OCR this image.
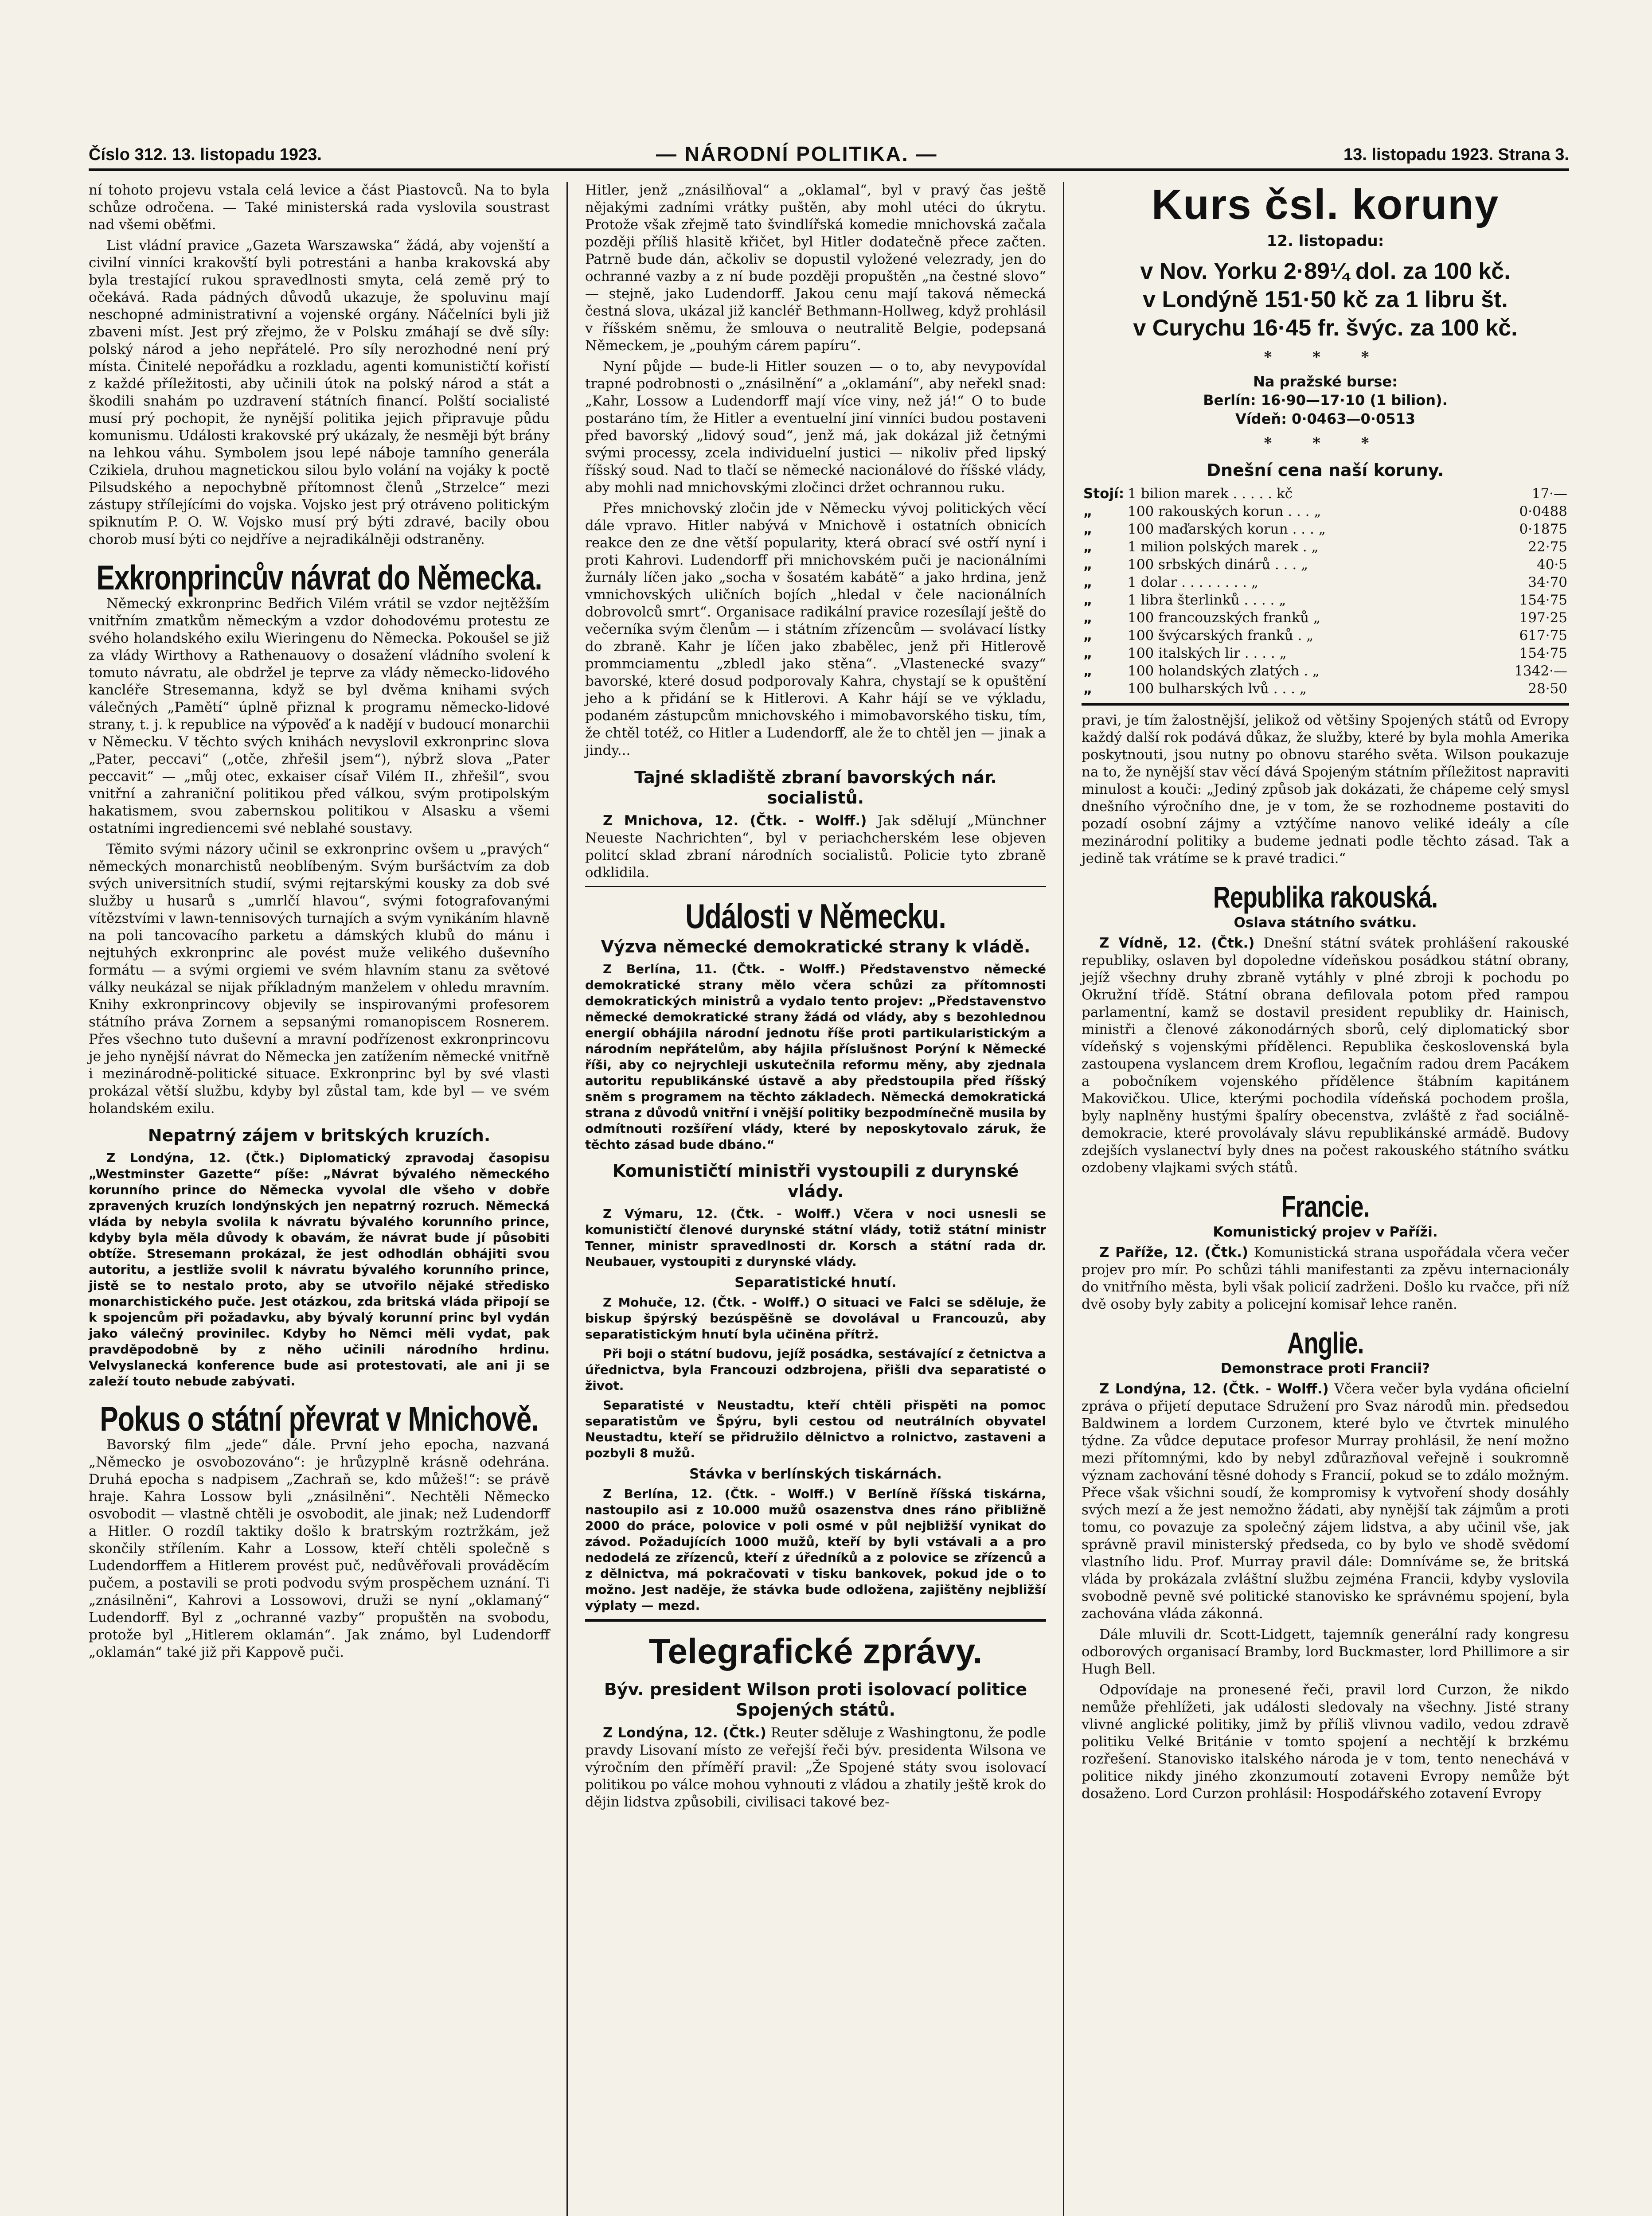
Číslo 312. 13. listopadu 1923.	— NÁRODNÍ POLITIKA. —	13. listopadu 1923. Strana 3.

ní tohoto projevu vstala celá levice a část Piastovců. Na to byla schůze odročena. — Také ministerská rada vyslovila soustrast nad všemi oběťmi.

List vládní pravice „Gazeta Warszawska“ žádá, aby vojenští a civilní vinníci krakovští byli potrestáni a hanba krakovská aby byla trestající rukou spravedlnosti smyta, celá země prý to očekává. Rada pádných důvodů ukazuje, že spoluvinu mají neschopné administrativní a vojenské orgány. Náčelníci byli již zbaveni míst. Jest prý zřejmo, že v Polsku zmáhají se dvě síly: polský národ a jeho nepřátelé. Pro síly nerozhodné není prý místa. Činitelé nepořádku a rozkladu, agenti komunističtí kořistí z každé příležitosti, aby učinili útok na polský národ a stát a škodili snahám po uzdravení státních financí. Polští socialisté musí prý pochopit, že nynější politika jejich připravuje půdu komunismu. Události krakovské prý ukázaly, že nesměji být brány na lehkou váhu. Symbolem jsou lepé náboje tamního generála Czikiela, druhou magnetickou silou bylo volání na vojáky k poctě Pilsudského a nepochybně přítomnost členů „Strzelce“ mezi zástupy střílejícími do vojska. Vojsko jest prý otráveno politickým spiknutím P. O. W. Vojsko musí prý býti zdravé, bacily obou chorob musí býti co nejdříve a nejradikálněji odstraněny.

Exkronprincův návrat do Německa.

Německý exkronprinc Bedřich Vilém vrátil se vzdor nejtěžším vnitřním zmatkům německým a vzdor dohodovému protestu ze svého holandského exilu Wieringenu do Německa. Pokoušel se již za vlády Wirthovy a Rathenauovy o dosažení vládního svolení k tomuto návratu, ale obdržel je teprve za vlády německo-lidového kancléře Stresemanna, když se byl dvěma knihami svých válečných „Pamětí“ úplně přiznal k programu německo-lidové strany, t. j. k republice na výpověď a k nadějí v budoucí monarchii v Německu. V těchto svých knihách nevyslovil exkronprinc slova „Pater, peccavi“ („otče, zhřešil jsem“), nýbrž slova „Pater peccavit“ — „můj otec, exkaiser císař Vilém II., zhřešil“, svou vnitřní a zahraniční politikou před válkou, svým protipolským hakatismem, svou zabernskou politikou v Alsasku a všemi ostatními ingrediencemi své neblahé soustavy.

Těmito svými názory učinil se exkronprinc ovšem u „pravých“ německých monarchistů neoblíbeným. Svým buršáctvím za dob svých universitních studií, svými rejtarskými kousky za dob své služby u husarů s „umrlčí hlavou“, svými fotografovanými vítězstvími v lawn-tennisových turnajích a svým vynikáním hlavně na poli tancovacího parketu a dámských klubů do mánu i nejtuhých exkronprinc ale povést muže velikého duševního formátu — a svými orgiemi ve svém hlavním stanu za světové války neukázal se nijak příkladným manželem v ohledu mravním. Knihy exkronprincovy objevily se inspirovanými profesorem státního práva Zornem a sepsanými romanopiscem Rosnerem. Přes všechno tuto duševní a mravní podřízenost exkronprincovu je jeho nynější návrat do Německa jen zatížením německé vnitřně i mezinárodně-politické situace. Exkronprinc byl by své vlasti prokázal větší službu, kdyby byl zůstal tam, kde byl — ve svém holandském exilu.

Nepatrný zájem v britských kruzích.

Z Londýna, 12. (Čtk.) Diplomatický zpravodaj časopisu „Westminster Gazette“ píše: „Návrat bývalého německého korunního prince do Německa vyvolal dle všeho v dobře zpravených kruzích londýnských jen nepatrný rozruch. Německá vláda by nebyla svolila k návratu bývalého korunního prince, kdyby byla měla důvody k obavám, že návrat bude jí působiti obtíže. Stresemann prokázal, že jest odhodlán obhájiti svou autoritu, a jestliže svolil k návratu bývalého korunního prince, jistě se to nestalo proto, aby se utvořilo nějaké středisko monarchistického puče. Jest otázkou, zda britská vláda připojí se k spojencům při požadavku, aby bývalý korunní princ byl vydán jako válečný provinilec. Kdyby ho Němci měli vydat, pak pravděpodobně by z něho učinili národního hrdinu. Velvyslanecká konference bude asi protestovati, ale ani ji se zaleží touto nebude zabývati.

Pokus o státní převrat v Mnichově.

Bavorský film „jede“ dále. První jeho epocha, nazvaná „Německo je osvobozováno“: je hrůzyplně krásně odehrána. Druhá epocha s nadpisem „Zachraň se, kdo můžeš!“: se právě hraje. Kahra Lossow byli „znásilněni“. Nechtěli Německo osvobodit — vlastně chtěli je osvobodit, ale jinak; než Ludendorff a Hitler. O rozdíl taktiky došlo k bratrským roztržkám, jež skončily střílením. Kahr a Lossow, kteří chtěli společně s Ludendorffem a Hitlerem provést puč, nedůvěřovali prováděcím pučem, a postavili se proti podvodu svým prospěchem uznání. Ti „znásilněni“, Kahrovi a Lossowovi, druži se nyní „oklamaný“ Ludendorff. Byl z „ochranné vazby“ propuštěn na svobodu, protože byl „Hitlerem oklamán“. Jak známo, byl Ludendorff „oklamán“ také již při Kappově puči.

Hitler, jenž „znásilňoval“ a „oklamal“, byl v pravý čas ještě nějakými zadními vrátky puštěn, aby mohl utéci do úkrytu. Protože však zřejmě tato švindlířská komedie mnichovská začala později příliš hlasitě křičet, byl Hitler dodatečně přece začten. Patrně bude dán, ačkoliv se dopustil vyložené velezrady, jen do ochranné vazby a z ní bude později propuštěn „na čestné slovo“ — stejně, jako Ludendorff. Jakou cenu mají taková německá čestná slova, ukázal již kancléř Bethmann-Hollweg, když prohlásil v říšském sněmu, že smlouva o neutralitě Belgie, podepsaná Německem, je „pouhým cárem papíru“.

Nyní půjde — bude-li Hitler souzen — o to, aby nevypovídal trapné podrobnosti o „znásilnění“ a „oklamání“, aby neřekl snad: „Kahr, Lossow a Ludendorff mají více viny, než já!“ O to bude postaráno tím, že Hitler a eventuelní jiní vinníci budou postaveni před bavorský „lidový soud“, jenž má, jak dokázal již četnými svými processy, zcela individuelní justici — nikoliv před lipský říšský soud. Nad to tlačí se německé nacionálové do říšské vlády, aby mohli nad mnichovskými zločinci držet ochrannou ruku.

Přes mnichovský zločin jde v Německu vývoj politických věcí dále vpravo. Hitler nabývá v Mnichově i ostatních obnicích reakce den ze dne větší popularity, která obrací své ostří nyní i proti Kahrovi. Ludendorff při mnichovském puči je nacionálními žurnály líčen jako „socha v šosatém kabátě“ a jako hrdina, jenž vmnichovských uličních bojích „hledal v čele nacionálních dobrovolců smrt“. Organisace radikální pravice rozesílají ještě do večerníka svým členům — i státním zřízencům — svolávací lístky do zbraně. Kahr je líčen jako zbabělec, jenž při Hitlerově prommciamentu „zbledl jako stěna“. „Vlastenecké svazy“ bavorské, které dosud podporovaly Kahra, chystají se k opuštění jeho a k přidání se k Hitlerovi. A Kahr hájí se ve výkladu, podaném zástupcům mnichovského i mimobavorského tisku, tím, že chtěl totéž, co Hitler a Ludendorff, ale že to chtěl jen — jinak a jindy...

Tajné skladiště zbraní bavorských nár. socialistů.

Z Mnichova, 12. (Čtk. - Wolff.) Jak sdělují „Münchner Neueste Nachrichten“, byl v periachcherském lese objeven politcí sklad zbraní národních socialistů. Policie tyto zbraně odklidila.

Události v Německu.
Výzva německé demokratické strany k vládě.

Z Berlína, 11. (Čtk. - Wolff.) Představenstvo německé demokratické strany mělo včera schůzi za přítomnosti demokratických ministrů a vydalo tento projev: „Představenstvo německé demokratické strany žádá od vlády, aby s bezohlednou energií obhájila národní jednotu říše proti partikularistickým a národním nepřátelům, aby hájila příslušnost Porýní k Německé říši, aby co nejrychleji uskutečnila reformu měny, aby zjednala autoritu republikánské ústavě a aby předstoupila před říšský sněm s programem na těchto základech. Německá demokratická strana z důvodů vnitřní i vnější politiky bezpodmínečně musila by odmítnouti rozšíření vlády, které by neposkytovalo záruk, že těchto zásad bude dbáno.“

Komunističtí ministři vystoupili z durynské vlády.

Z Výmaru, 12. (Čtk. - Wolff.) Včera v noci usnesli se komunističtí členové durynské státní vlády, totiž státní ministr Tenner, ministr spravedlnosti dr. Korsch a státní rada dr. Neubauer, vystoupiti z durynské vlády.

Separatistické hnutí.

Z Mohuče, 12. (Čtk. - Wolff.) O situaci ve Falci se sděluje, že biskup špýrský bezúspěšně se dovolával u Francouzů, aby separatistickým hnutí byla učiněna přítrž.

Při boji o státní budovu, jejíž posádka, sestávající z četnictva a úřednictva, byla Francouzi odzbrojena, přišli dva separatisté o život.

Separatisté v Neustadtu, kteří chtěli přispěti na pomoc separatistům ve Špýru, byli cestou od neutrálních obyvatel Neustadtu, kteří se přidružilo dělnictvo a rolnictvo, zastaveni a pozbyli 8 mužů.

Stávka v berlínských tiskárnách.

Z Berlína, 12. (Čtk. - Wolff.) V Berlíně říšská tiskárna, nastoupilo asi z 10.000 mužů osazenstva dnes ráno přibližně 2000 do práce, polovice v poli osmé v půl nejbližší vynikat do závod. Požadujících 1000 mužů, kteří by byli vstávali a a pro nedodelá ze zřízenců, kteří z úředníků a z polovice se zřízenců a z dělnictva, má pokračovati v tisku bankovek, pokud jde o to možno. Jest naděje, že stávka bude odložena, zajištěny nejbližší výplaty — mezd.

Telegrafické zprávy.
Býv. president Wilson proti isolovací politice Spojených států.

Z Londýna, 12. (Čtk.) Reuter sděluje z Washingtonu, že podle pravdy Lisovaní místo ze veřejší řeči býv. presidenta Wilsona ve výročním den příměří pravil: „Že Spojené státy svou isolovací politikou po válce mohou vyhnouti z vládou a zhatily ještě krok do dějin lidstva způsobili, civilisaci takové bez-

Kurs čsl. koruny
12. listopadu:
v Nov. Yorku 2·89¼ dol. za 100 kč.
v Londýně 151·50 kč za 1 libru št.
v Curychu 16·45 fr. švýc. za 100 kč.
* * *
Na pražské burse:
Berlín: 16·90—17·10 (1 bilion).
Vídeň: 0·0463—0·0513
* * *
Dnešní cena naší koruny.
Stojí:	1 bilion marek . . . . . kč	17·—
„	100 rakouských korun . . . „	0·0488
„	100 maďarských korun . . . „	0·1875
„	1 milion polských marek . „	22·75
„	100 srbských dinárů . . . „	40·5
„	1 dolar . . . . . . . . „	34·70
„	1 libra šterlinků . . . . „	154·75
„	100 francouzských franků „	197·25
„	100 švýcarských franků . „	617·75
„	100 italských lir . . . . „	154·75
„	100 holandských zlatých . „	1342·—
„	100 bulharských lvů . . . „	28·50

pravi, je tím žalostnější, jelikož od většiny Spojených států od Evropy každý další rok podává důkaz, že služby, které by byla mohla Amerika poskytnouti, jsou nutny po obnovu starého světa. Wilson poukazuje na to, že nynější stav věcí dává Spojeným státním příležitost napraviti minulost a kouči: „Jediný způsob jak dokázati, že chápeme celý smysl dnešního výročního dne, je v tom, že se rozhodneme postaviti do pozadí osobní zájmy a vztýčíme nanovo veliké ideály a cíle mezinárodní politiky a budeme jednati podle těchto zásad. Tak a jedině tak vrátíme se k pravé tradici.“

Republika rakouská.
Oslava státního svátku.

Z Vídně, 12. (Čtk.) Dnešní státní svátek prohlášení rakouské republiky, oslaven byl dopoledne vídeňskou posádkou státní obrany, jejíž všechny druhy zbraně vytáhly v plné zbroji k pochodu po Okružní třídě. Státní obrana defilovala potom před rampou parlamentní, kamž se dostavil president republiky dr. Hainisch, ministři a členové zákonodárných sborů, celý diplomatický sbor vídeňský s vojenskými přídělenci. Republika československá byla zastoupena vyslancem drem Kroflou, legačním radou drem Pacákem a pobočníkem vojenského přídělence štábním kapitánem Makovičkou. Ulice, kterými pochodila vídeňská pochodem prošla, byly naplněny hustými špalíry obecenstva, zvláště z řad sociálně-demokracie, které provolávaly slávu republikánské armádě. Budovy zdejších vyslanectví byly dnes na počest rakouského státního svátku ozdobeny vlajkami svých států.

Francie.
Komunistický projev v Paříži.

Z Paříže, 12. (Čtk.) Komunistická strana uspořádala včera večer projev pro mír. Po schůzi táhli manifestanti za zpěvu internacionály do vnitřního města, byli však policií zadrženi. Došlo ku rvačce, při níž dvě osoby byly zabity a policejní komisař lehce raněn.

Anglie.
Demonstrace proti Francii?

Z Londýna, 12. (Čtk. - Wolff.) Včera večer byla vydána oficielní zpráva o přijetí deputace Sdružení pro Svaz národů min. předsedou Baldwinem a lordem Curzonem, které bylo ve čtvrtek minulého týdne. Za vůdce deputace profesor Murray prohlásil, že není možno mezi přítomnými, kdo by nebyl zdůrazňoval veřejně i soukromně význam zachování těsné dohody s Francií, pokud se to zdálo možným. Přece však všichni soudí, že kompromisy k vytvoření shody dosáhly svých mezí a že jest nemožno žádati, aby nynější tak zájmům a proti tomu, co povazuje za společný zájem lidstva, a aby učinil vše, jak správně pravil ministerský předseda, co by bylo ve shodě svědomí vlastního lidu. Prof. Murray pravil dále: Domníváme se, že britská vláda by prokázala zvláštní službu zejména Francii, kdyby vyslovila svobodně pevně své politické stanovisko ke správnému spojení, byla zachována vláda zákonná.

Dále mluvili dr. Scott-Lidgett, tajemník generální rady kongresu odborových organisací Bramby, lord Buckmaster, lord Phillimore a sir Hugh Bell.

Odpovídaje na pronesené řeči, pravil lord Curzon, že nikdo nemůže přehlížeti, jak události sledovaly na všechny. Jisté strany vlivné anglické politiky, jimž by příliš vlivnou vadilo, vedou zdravě politiku Velké Británie v tomto spojení a nechtějí k brzkému rozřešení. Stanovisko italského národa je v tom, tento nenechává v politice nikdy jiného zkonzumoutí zotaveni Evropy nemůže být dosaženo. Lord Curzon prohlásil: Hospodářského zotavení Evropy
